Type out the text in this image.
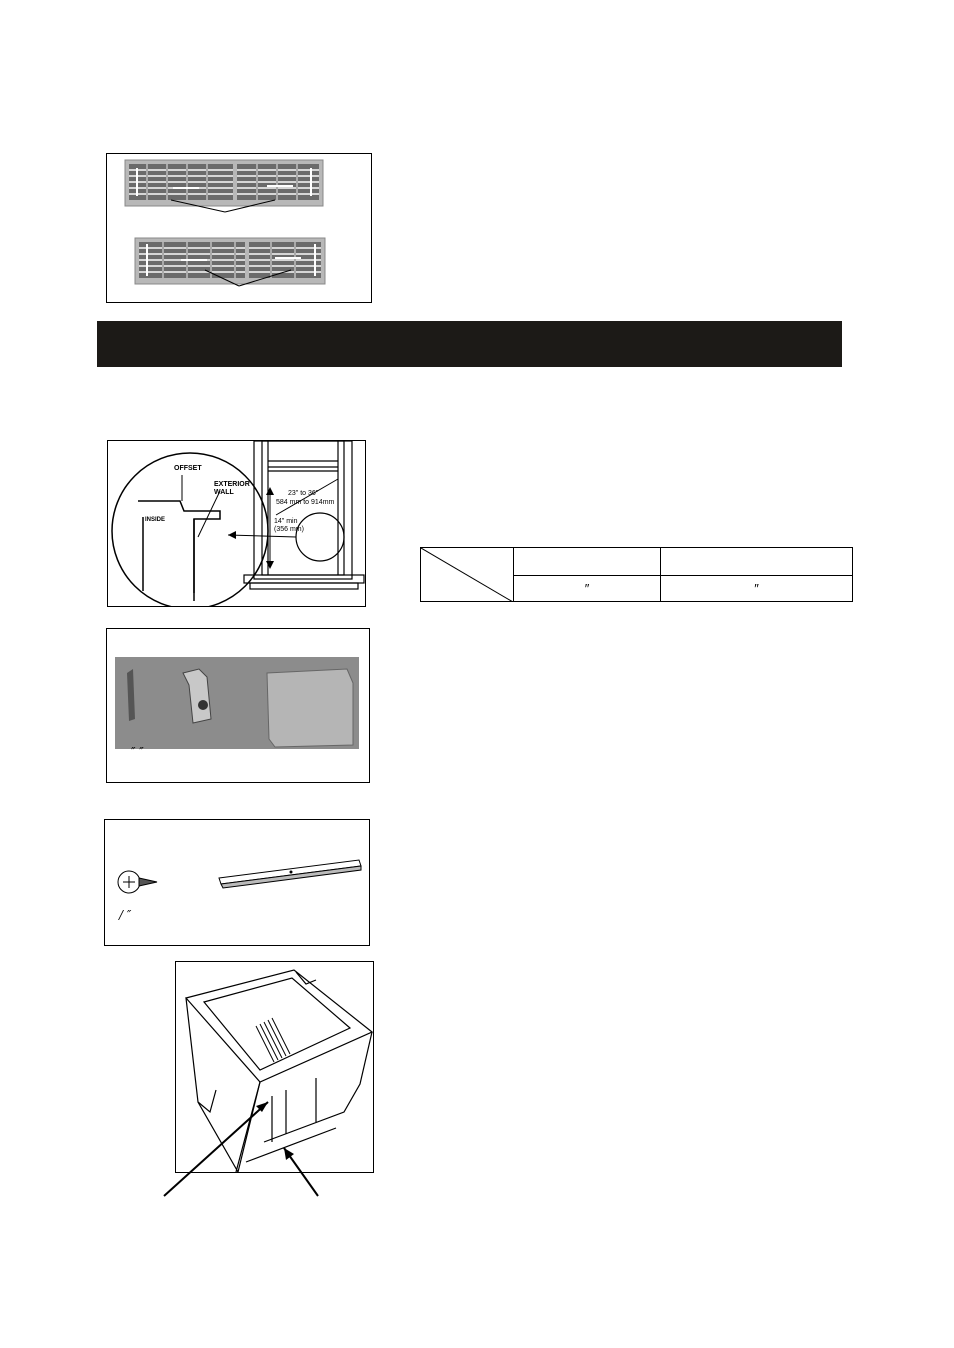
OFFSET
EXTERIOR
WALL
INSIDE
23" to 36"
584 mm to 914mm
14" min
(356 mm)

	″	″
″ ″
/ ″
